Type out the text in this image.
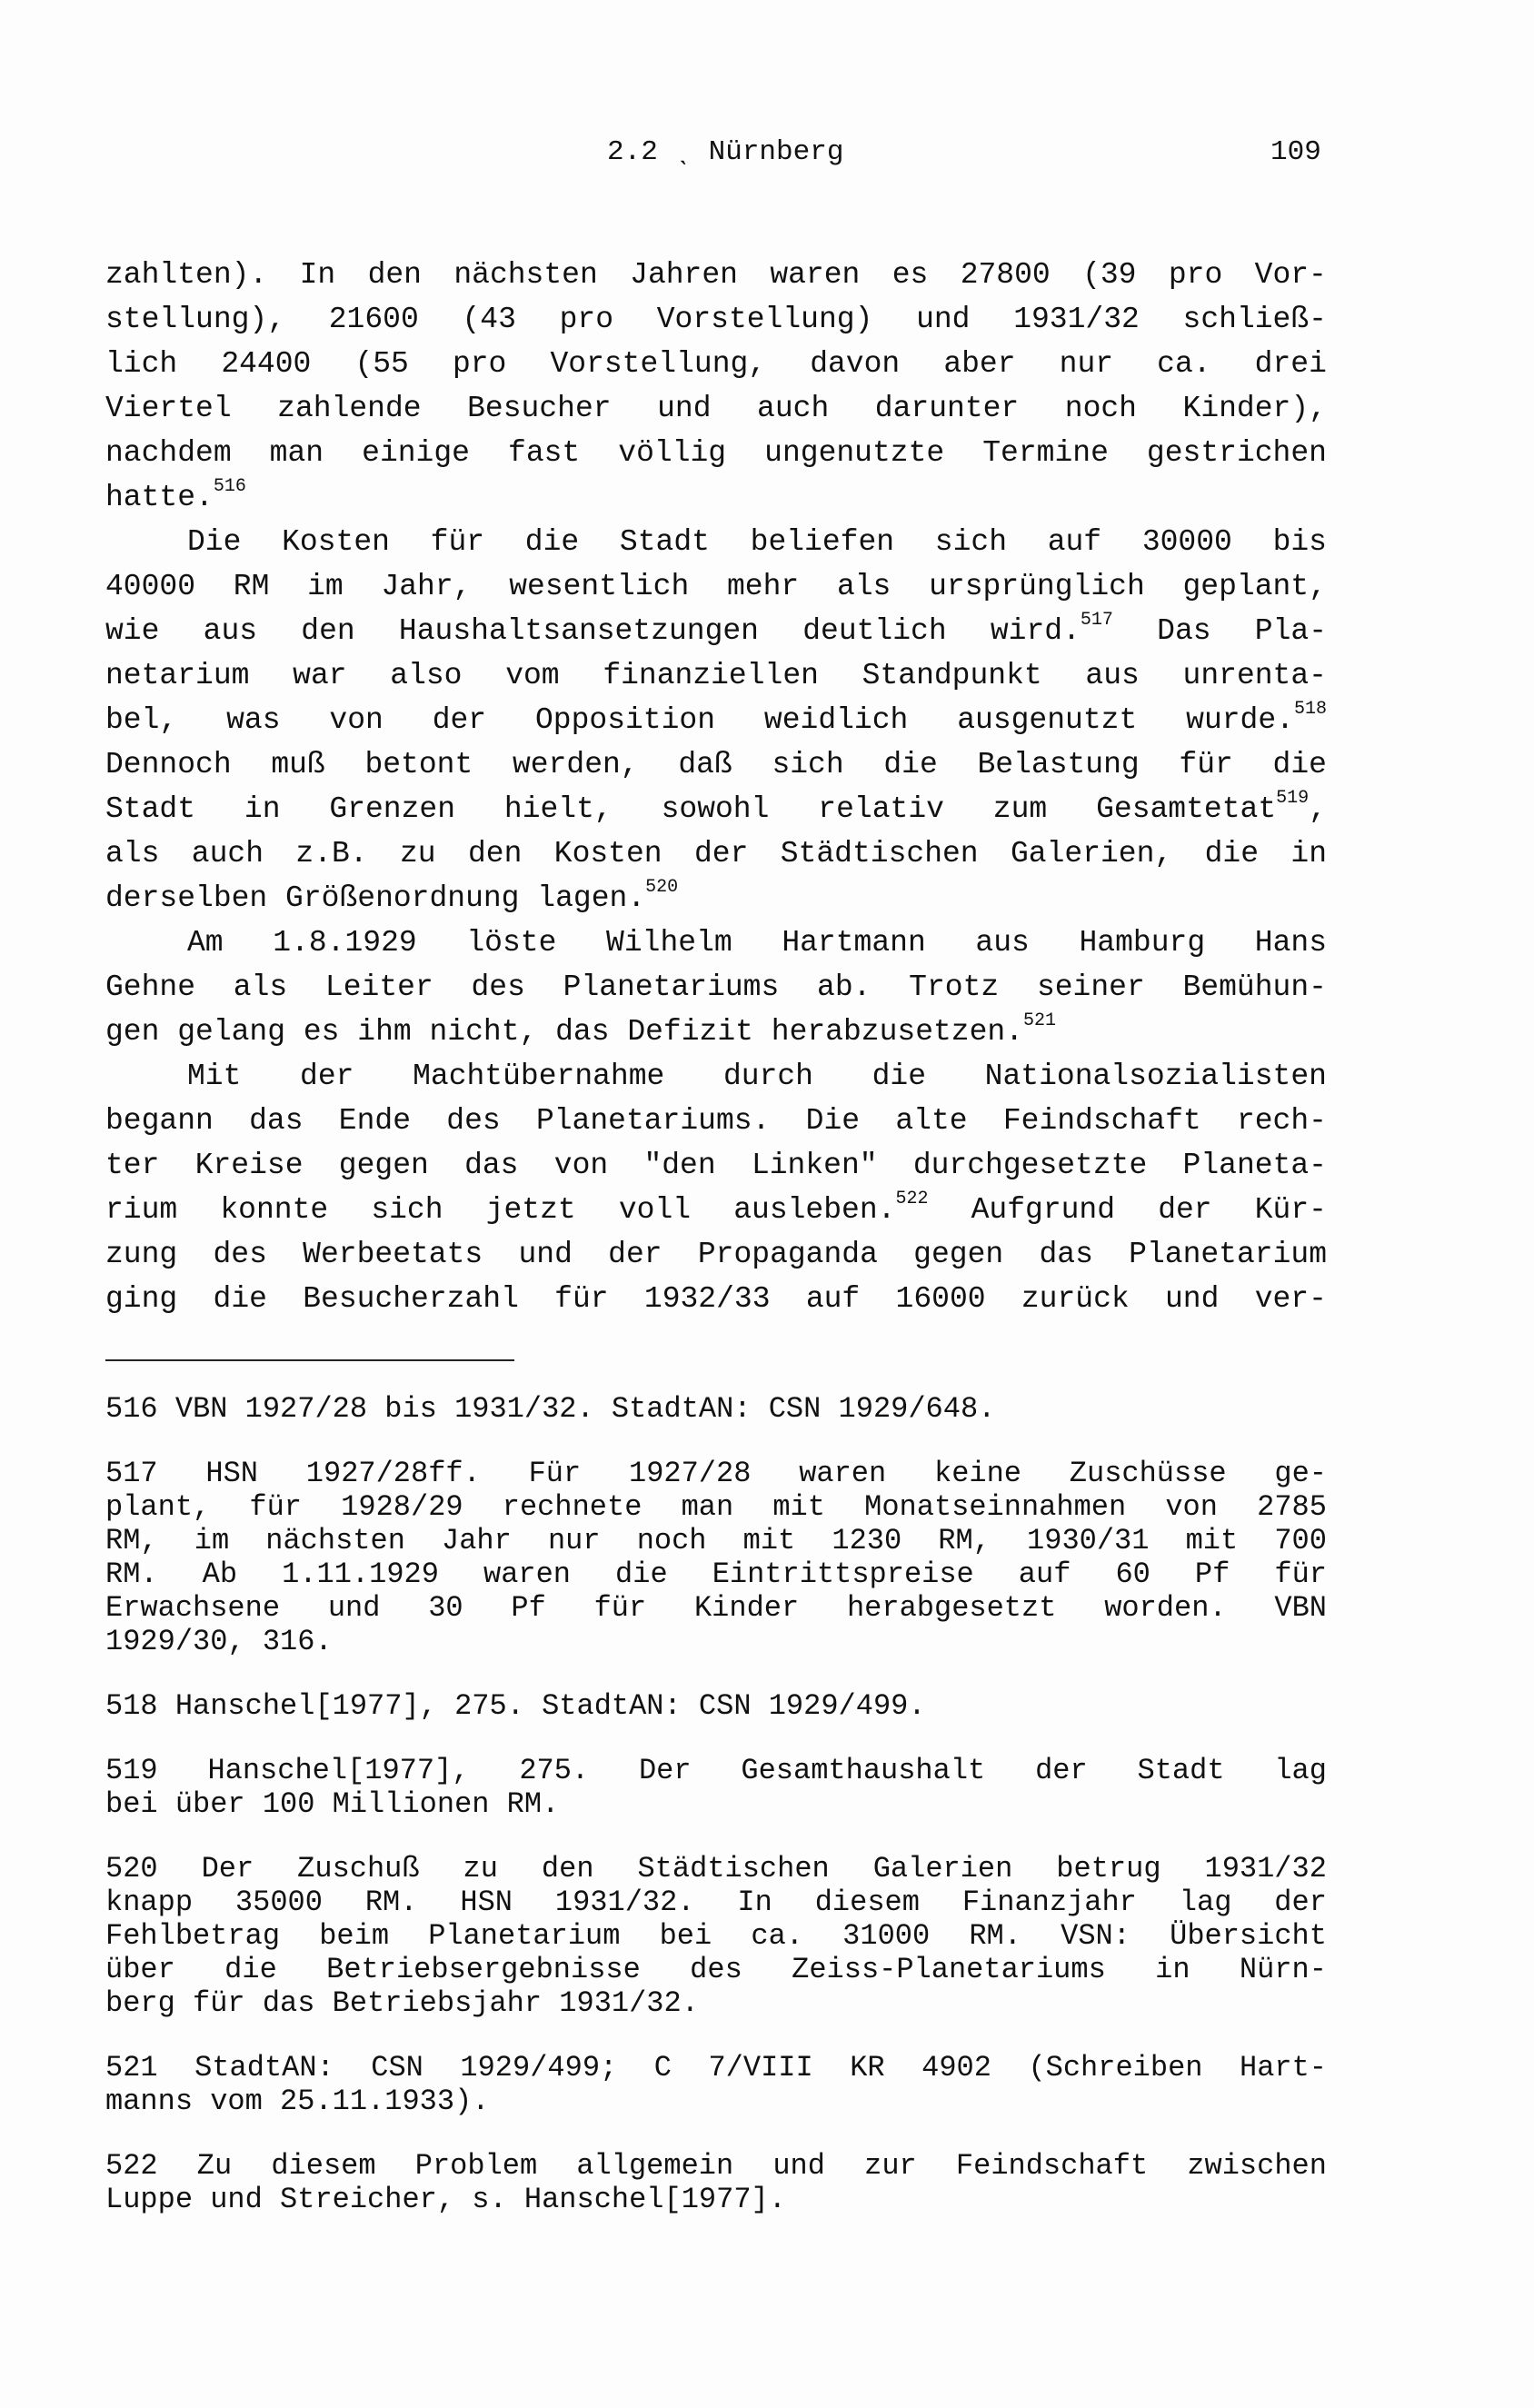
2.2 ˎ Nürnberg	109
zahlten). In den nächsten Jahren waren es 27800 (39 pro Vor-
stellung), 21600 (43 pro Vorstellung) und 1931/32 schließ-
lich 24400 (55 pro Vorstellung, davon aber nur ca. drei
Viertel zahlende Besucher und auch darunter noch Kinder),
nachdem man einige fast völlig ungenutzte Termine gestrichen
hatte.$^{516}$
Die Kosten für die Stadt beliefen sich auf 30000 bis
40000 RM im Jahr, wesentlich mehr als ursprünglich geplant,
wie aus den Haushaltsansetzungen deutlich wird.$^{517}$ Das Pla-
netarium war also vom finanziellen Standpunkt aus unrenta-
bel, was von der Opposition weidlich ausgenutzt wurde.$^{518}$
Dennoch muß betont werden, daß sich die Belastung für die
Stadt in Grenzen hielt, sowohl relativ zum Gesamtetat$^{519}$,
als auch z.B. zu den Kosten der Städtischen Galerien, die in
derselben Größenordnung lagen.$^{520}$
Am 1.8.1929 löste Wilhelm Hartmann aus Hamburg Hans
Gehne als Leiter des Planetariums ab. Trotz seiner Bemühun-
gen gelang es ihm nicht, das Defizit herabzusetzen.$^{521}$
Mit der Machtübernahme durch die Nationalsozialisten
begann das Ende des Planetariums. Die alte Feindschaft rech-
ter Kreise gegen das von "den Linken" durchgesetzte Planeta-
rium konnte sich jetzt voll ausleben.$^{522}$ Aufgrund der Kür-
zung des Werbeetats und der Propaganda gegen das Planetarium
ging die Besucherzahl für 1932/33 auf 16000 zurück und ver-
516 VBN 1927/28 bis 1931/32. StadtAN: CSN 1929/648.
517 HSN 1927/28ff. Für 1927/28 waren keine Zuschüsse ge-
plant, für 1928/29 rechnete man mit Monatseinnahmen von 2785
RM, im nächsten Jahr nur noch mit 1230 RM, 1930/31 mit 700
RM. Ab 1.11.1929 waren die Eintrittspreise auf 60 Pf für
Erwachsene und 30 Pf für Kinder herabgesetzt worden. VBN
1929/30, 316.
518 Hanschel[1977], 275. StadtAN: CSN 1929/499.
519 Hanschel[1977], 275. Der Gesamthaushalt der Stadt lag
bei über 100 Millionen RM.
520 Der Zuschuß zu den Städtischen Galerien betrug 1931/32
knapp 35000 RM. HSN 1931/32. In diesem Finanzjahr lag der
Fehlbetrag beim Planetarium bei ca. 31000 RM. VSN: Übersicht
über die Betriebsergebnisse des Zeiss-Planetariums in Nürn-
berg für das Betriebsjahr 1931/32.
521 StadtAN: CSN 1929/499; C 7/VIII KR 4902 (Schreiben Hart-
manns vom 25.11.1933).
522 Zu diesem Problem allgemein und zur Feindschaft zwischen
Luppe und Streicher, s. Hanschel[1977].
